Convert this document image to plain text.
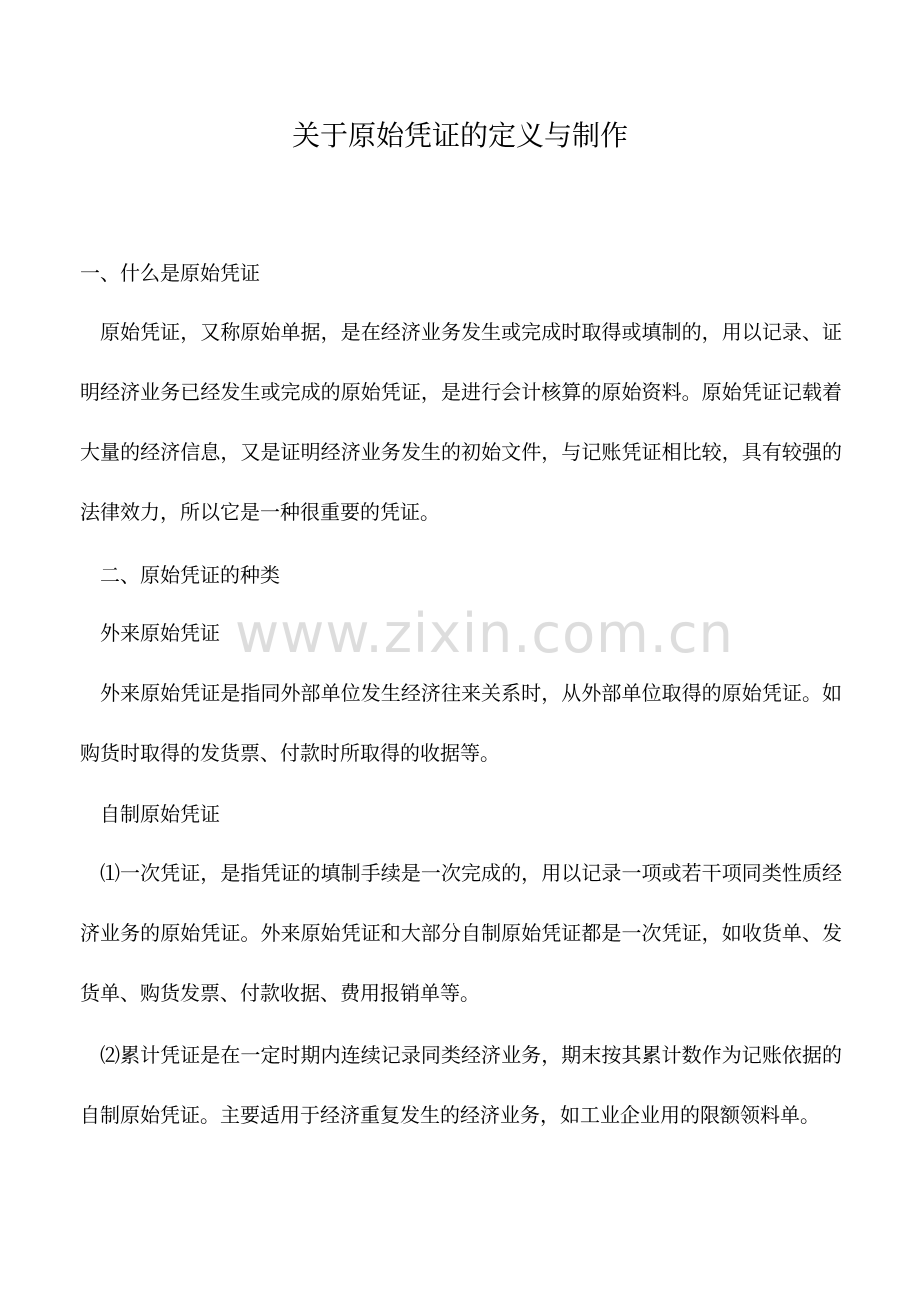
关于原始凭证的定义与制作
一、什么是原始凭证
原始凭证，又称原始单据，是在经济业务发生或完成时取得或填制的，用以记录、证明经济业务已经发生或完成的原始凭证，是进行会计核算的原始资料。原始凭证记载着大量的经济信息，又是证明经济业务发生的初始文件，与记账凭证相比较，具有较强的法律效力，所以它是一种很重要的凭证。
二、原始凭证的种类
外来原始凭证
外来原始凭证是指同外部单位发生经济往来关系时，从外部单位取得的原始凭证。如购货时取得的发货票、付款时所取得的收据等。
自制原始凭证
⑴一次凭证，是指凭证的填制手续是一次完成的，用以记录一项或若干项同类性质经济业务的原始凭证。外来原始凭证和大部分自制原始凭证都是一次凭证，如收货单、发货单、购货发票、付款收据、费用报销单等。
⑵累计凭证是在一定时期内连续记录同类经济业务，期末按其累计数作为记账依据的自制原始凭证。主要适用于经济重复发生的经济业务，如工业企业用的限额领料单。
www.zixin.com.cn
